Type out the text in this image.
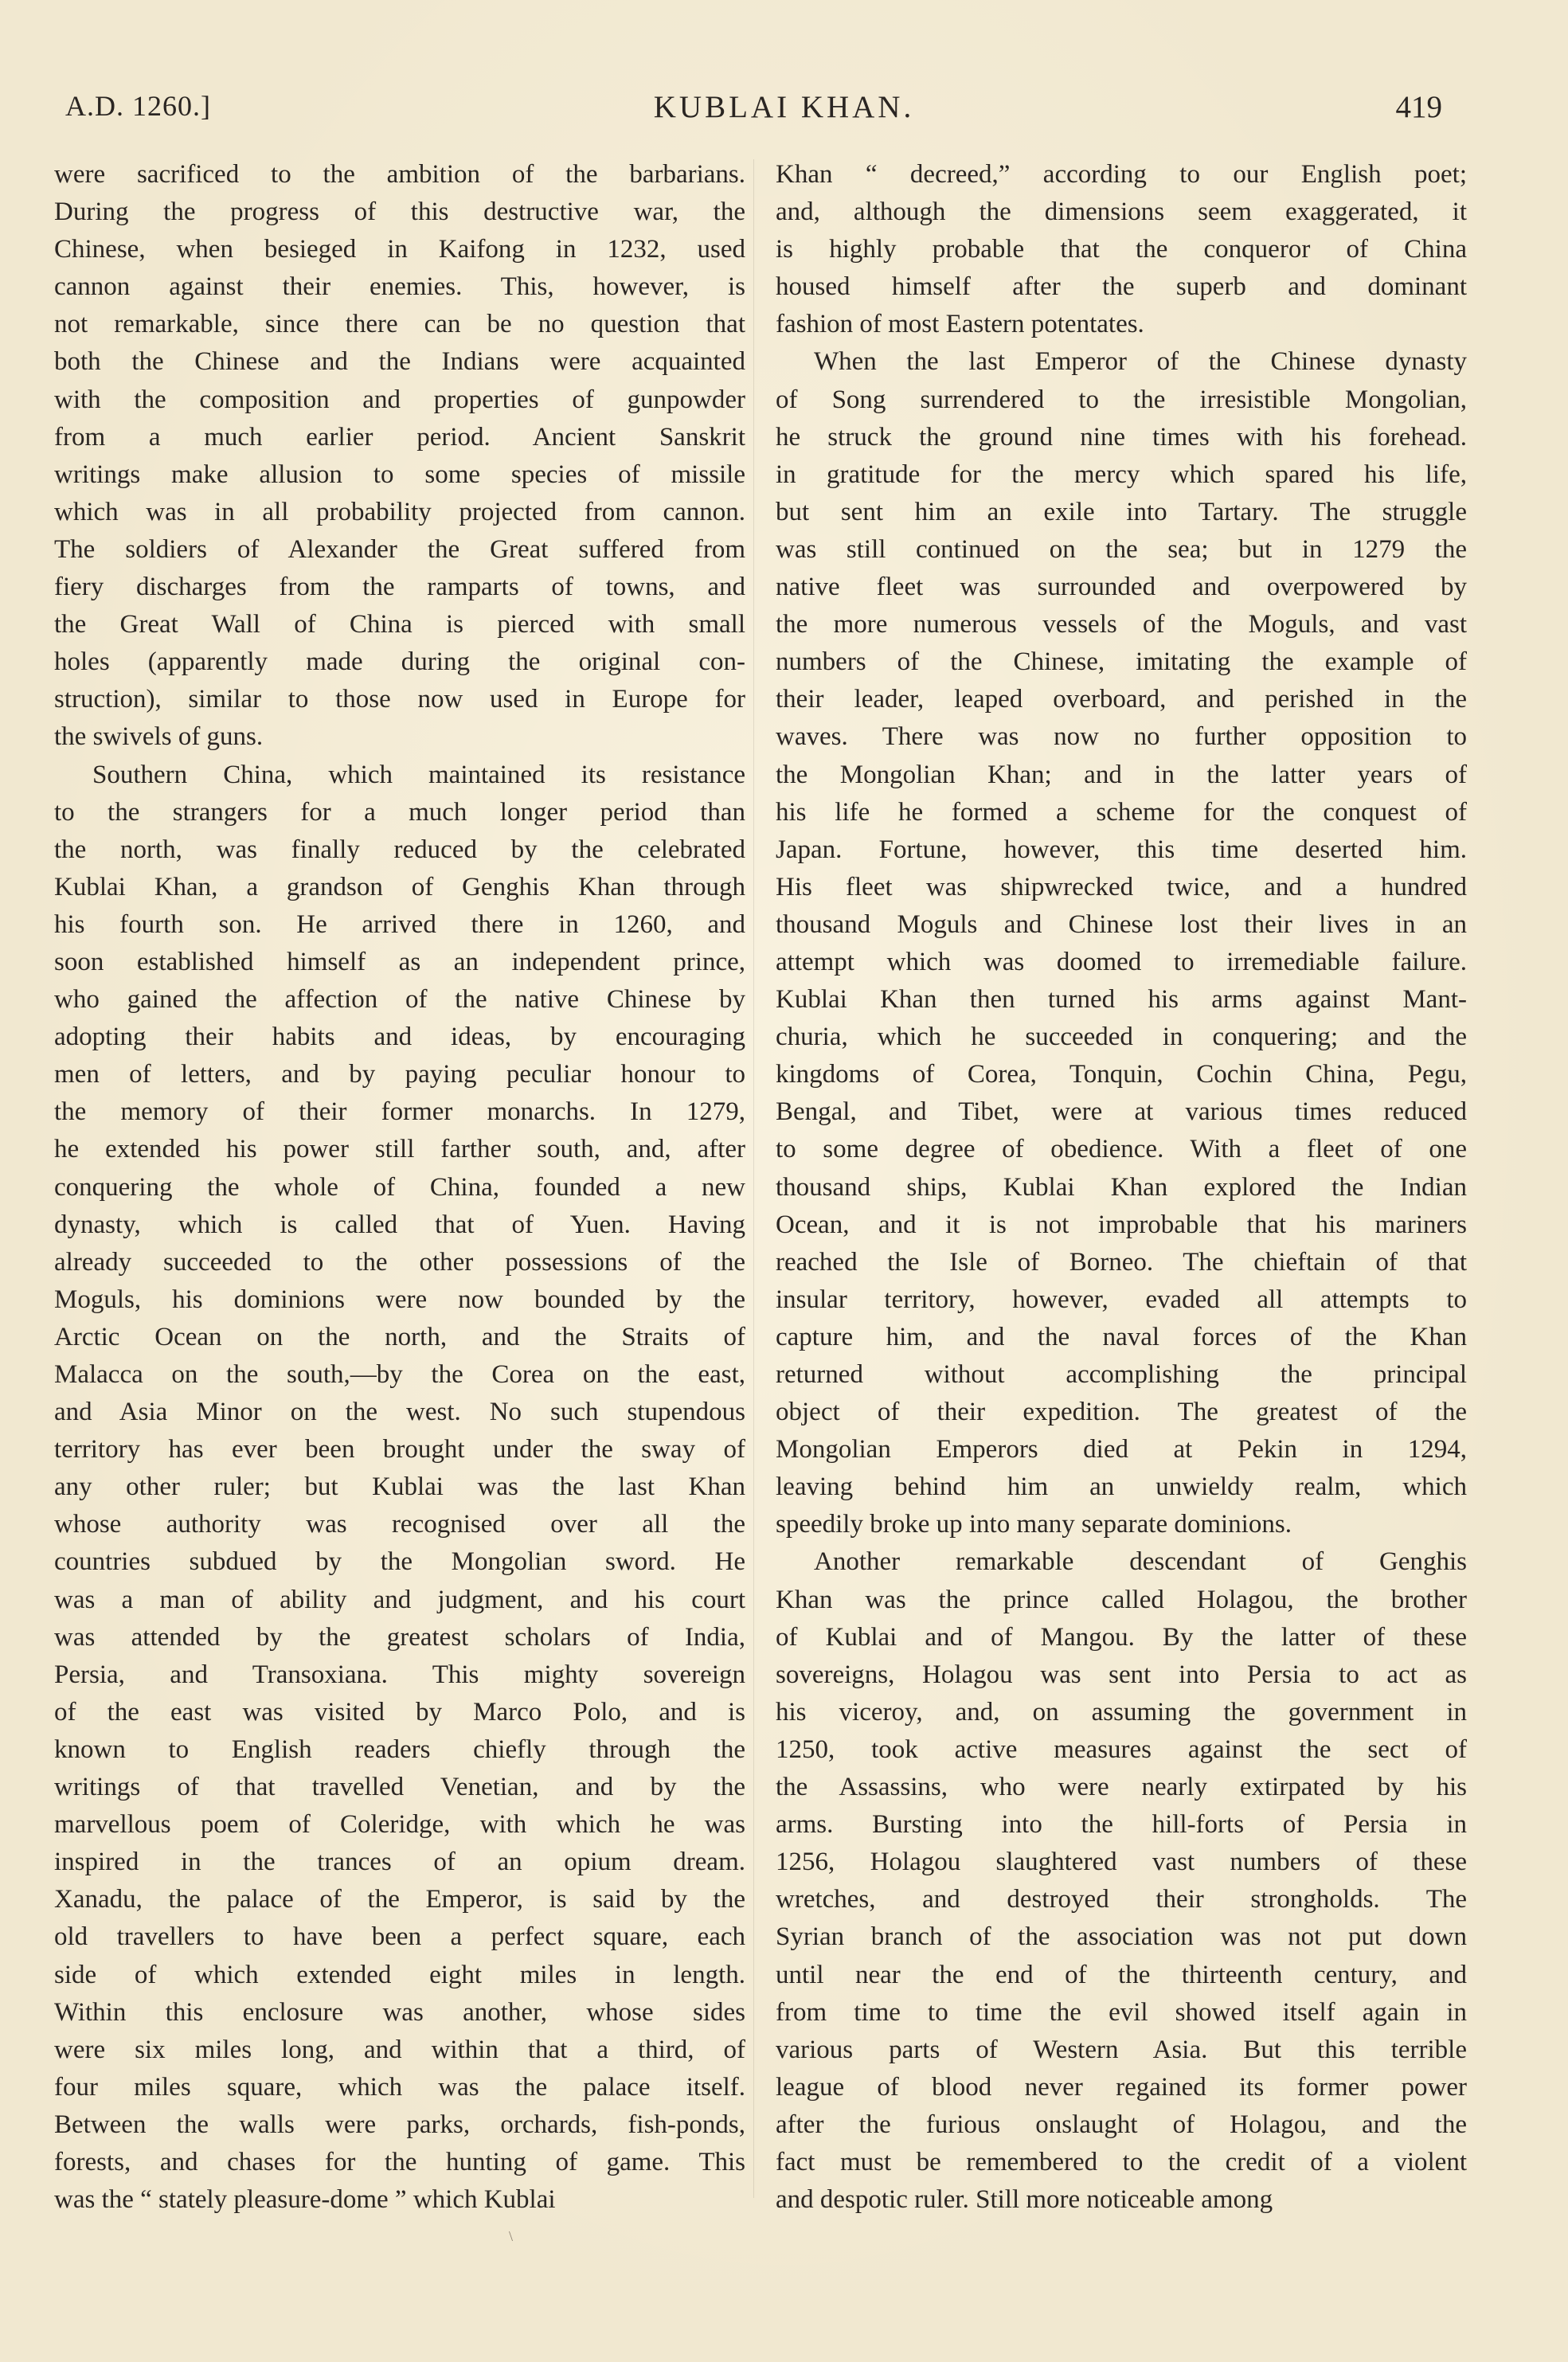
A.D. 1260.]	KUBLAI KHAN.	419
were sacrificed to the ambition of the barbarians.
During the progress of this destructive war, the
Chinese, when besieged in Kaifong in 1232, used
cannon against their enemies. This, however, is
not remarkable, since there can be no question that
both the Chinese and the Indians were acquainted
with the composition and properties of gunpowder
from a much earlier period. Ancient Sanskrit
writings make allusion to some species of missile
which was in all probability projected from cannon.
The soldiers of Alexander the Great suffered from
fiery discharges from the ramparts of towns, and
the Great Wall of China is pierced with small
holes (apparently made during the original con-
struction), similar to those now used in Europe for
the swivels of guns.
Southern China, which maintained its resistance
to the strangers for a much longer period than
the north, was finally reduced by the celebrated
Kublai Khan, a grandson of Genghis Khan through
his fourth son. He arrived there in 1260, and
soon established himself as an independent prince,
who gained the affection of the native Chinese by
adopting their habits and ideas, by encouraging
men of letters, and by paying peculiar honour to
the memory of their former monarchs. In 1279,
he extended his power still farther south, and, after
conquering the whole of China, founded a new
dynasty, which is called that of Yuen. Having
already succeeded to the other possessions of the
Moguls, his dominions were now bounded by the
Arctic Ocean on the north, and the Straits of
Malacca on the south,—by the Corea on the east,
and Asia Minor on the west. No such stupendous
territory has ever been brought under the sway of
any other ruler; but Kublai was the last Khan
whose authority was recognised over all the
countries subdued by the Mongolian sword. He
was a man of ability and judgment, and his court
was attended by the greatest scholars of India,
Persia, and Transoxiana. This mighty sovereign
of the east was visited by Marco Polo, and is
known to English readers chiefly through the
writings of that travelled Venetian, and by the
marvellous poem of Coleridge, with which he was
inspired in the trances of an opium dream.
Xanadu, the palace of the Emperor, is said by the
old travellers to have been a perfect square, each
side of which extended eight miles in length.
Within this enclosure was another, whose sides
were six miles long, and within that a third, of
four miles square, which was the palace itself.
Between the walls were parks, orchards, fish-ponds,
forests, and chases for the hunting of game. This
was the “ stately pleasure-dome ” which Kublai
Khan “ decreed,” according to our English poet;
and, although the dimensions seem exaggerated, it
is highly probable that the conqueror of China
housed himself after the superb and dominant
fashion of most Eastern potentates.
When the last Emperor of the Chinese dynasty
of Song surrendered to the irresistible Mongolian,
he struck the ground nine times with his forehead.
in gratitude for the mercy which spared his life,
but sent him an exile into Tartary. The struggle
was still continued on the sea; but in 1279 the
native fleet was surrounded and overpowered by
the more numerous vessels of the Moguls, and vast
numbers of the Chinese, imitating the example of
their leader, leaped overboard, and perished in the
waves. There was now no further opposition to
the Mongolian Khan; and in the latter years of
his life he formed a scheme for the conquest of
Japan. Fortune, however, this time deserted him.
His fleet was shipwrecked twice, and a hundred
thousand Moguls and Chinese lost their lives in an
attempt which was doomed to irremediable failure.
Kublai Khan then turned his arms against Mant-
churia, which he succeeded in conquering; and the
kingdoms of Corea, Tonquin, Cochin China, Pegu,
Bengal, and Tibet, were at various times reduced
to some degree of obedience. With a fleet of one
thousand ships, Kublai Khan explored the Indian
Ocean, and it is not improbable that his mariners
reached the Isle of Borneo. The chieftain of that
insular territory, however, evaded all attempts to
capture him, and the naval forces of the Khan
returned without accomplishing the principal
object of their expedition. The greatest of the
Mongolian Emperors died at Pekin in 1294,
leaving behind him an unwieldy realm, which
speedily broke up into many separate dominions.
Another remarkable descendant of Genghis
Khan was the prince called Holagou, the brother
of Kublai and of Mangou. By the latter of these
sovereigns, Holagou was sent into Persia to act as
his viceroy, and, on assuming the government in
1250, took active measures against the sect of
the Assassins, who were nearly extirpated by his
arms. Bursting into the hill-forts of Persia in
1256, Holagou slaughtered vast numbers of these
wretches, and destroyed their strongholds. The
Syrian branch of the association was not put down
until near the end of the thirteenth century, and
from time to time the evil showed itself again in
various parts of Western Asia. But this terrible
league of blood never regained its former power
after the furious onslaught of Holagou, and the
fact must be remembered to the credit of a violent
and despotic ruler. Still more noticeable among
\
